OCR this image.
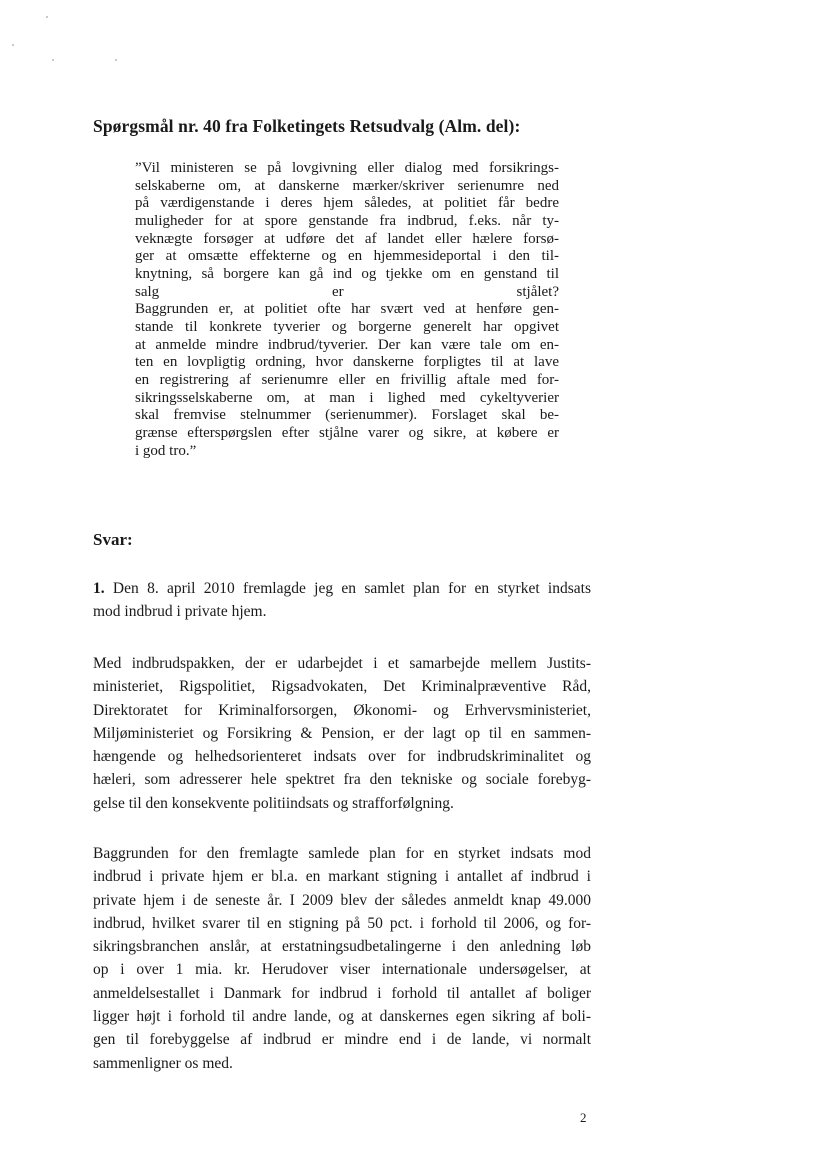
Spørgsmål nr. 40 fra Folketingets Retsudvalg (Alm. del):

”Vil ministeren se på lovgivning eller dialog med forsikrings-

selskaberne om, at danskerne mærker/skriver serienumre ned

på værdigenstande i deres hjem således, at politiet får bedre

muligheder for at spore genstande fra indbrud, f.eks. når ty-

veknægte forsøger at udføre det af landet eller hælere forsø-

ger at omsætte effekterne og en hjemmesideportal i den til-

knytning, så borgere kan gå ind og tjekke om en genstand til

salg er stjålet?

Baggrunden er, at politiet ofte har svært ved at henføre gen-

stande til konkrete tyverier og borgerne generelt har opgivet

at anmelde mindre indbrud/tyverier. Der kan være tale om en-

ten en lovpligtig ordning, hvor danskerne forpligtes til at lave

en registrering af serienumre eller en frivillig aftale med for-

sikringsselskaberne om, at man i lighed med cykeltyverier

skal fremvise stelnummer (serienummer). Forslaget skal be-

grænse efterspørgslen efter stjålne varer og sikre, at købere er

i god tro.”

Svar:

1. Den 8. april 2010 fremlagde jeg en samlet plan for en styrket indsats

mod indbrud i private hjem.

Med indbrudspakken, der er udarbejdet i et samarbejde mellem Justits-

ministeriet, Rigspolitiet, Rigsadvokaten, Det Kriminalpræventive Råd,

Direktoratet for Kriminalforsorgen, Økonomi- og Erhvervsministeriet,

Miljøministeriet og Forsikring & Pension, er der lagt op til en sammen-

hængende og helhedsorienteret indsats over for indbrudskriminalitet og

hæleri, som adresserer hele spektret fra den tekniske og sociale forebyg-

gelse til den konsekvente politiindsats og strafforfølgning.

Baggrunden for den fremlagte samlede plan for en styrket indsats mod

indbrud i private hjem er bl.a. en markant stigning i antallet af indbrud i

private hjem i de seneste år. I 2009 blev der således anmeldt knap 49.000

indbrud, hvilket svarer til en stigning på 50 pct. i forhold til 2006, og for-

sikringsbranchen anslår, at erstatningsudbetalingerne i den anledning løb

op i over 1 mia. kr. Herudover viser internationale undersøgelser, at

anmeldelsestallet i Danmark for indbrud i forhold til antallet af boliger

ligger højt i forhold til andre lande, og at danskernes egen sikring af boli-

gen til forebyggelse af indbrud er mindre end i de lande, vi normalt

sammenligner os med.

2
